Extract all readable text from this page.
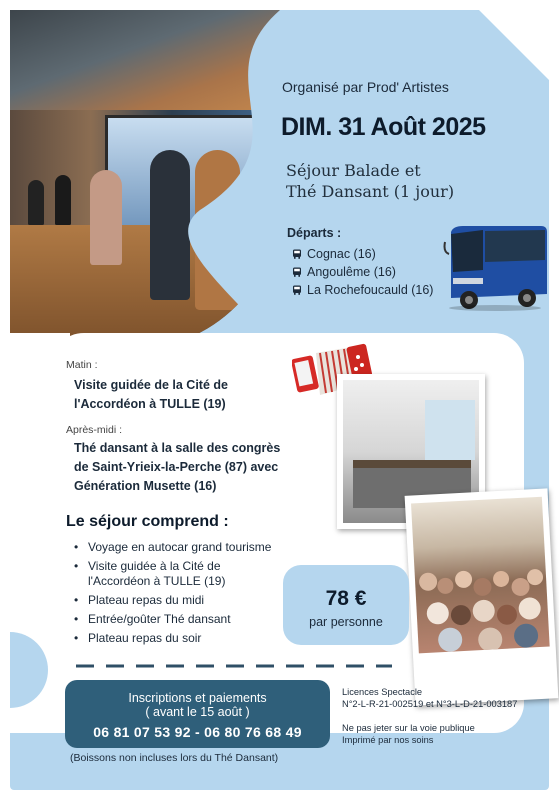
Organisé par Prod' Artistes
DIM. 31 Août 2025
Séjour Balade et
Thé Dansant (1 jour)
Départs :
Cognac (16)
Angoulême (16)
La Rochefoucauld (16)
Matin :
Visite guidée de la Cité de
l'Accordéon à TULLE (19)
Après-midi :
Thé dansant à la salle des congrès
de Saint-Yrieix-la-Perche (87) avec
Génération Musette (16)
Le séjour comprend :
• Voyage en autocar grand tourisme
• Visite guidée à la Cité de l'Accordéon à TULLE (19)
• Plateau repas du midi
• Entrée/goûter Thé dansant
• Plateau repas du soir
78 €
par personne
Inscriptions et paiements
( avant le 15 août )
06 81 07 53 92 - 06 80 76 68 49
(Boissons non incluses lors du Thé Dansant)
Licences Spectacle
N°2-L-R-21-002519 et N°3-L-D-21-003187
Ne pas jeter sur la voie publique
Imprimé par nos soins
